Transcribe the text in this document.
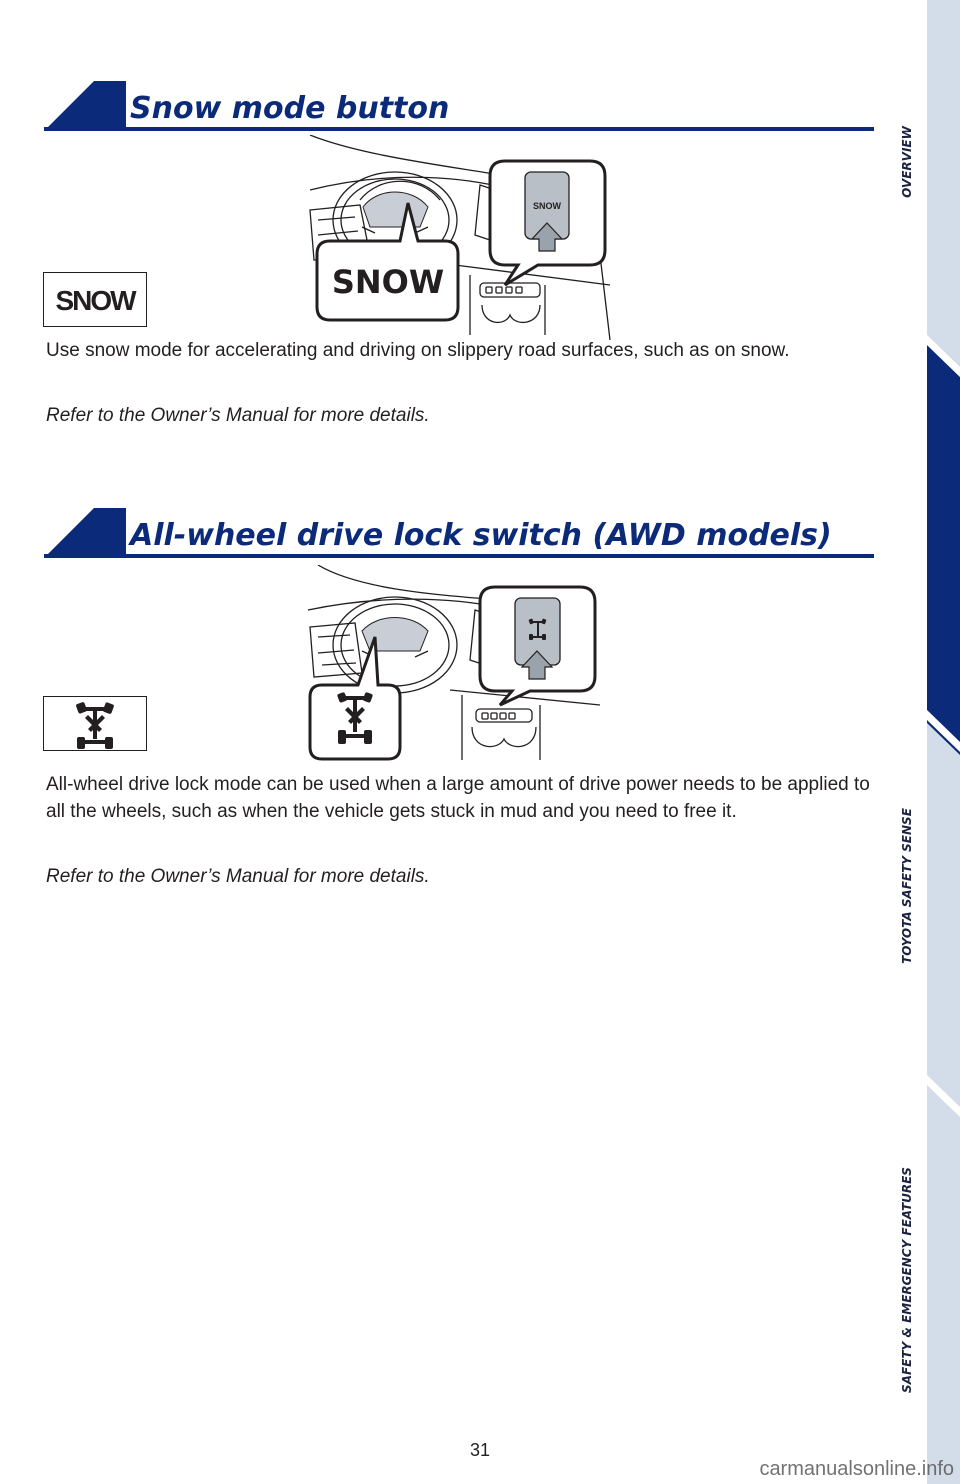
Snow mode button
SNOW	SNOW
SNOW

Use snow mode for accelerating and driving on slippery road surfaces, such as on snow.

Refer to the Owner’s Manual for more details.

All-wheel drive lock switch (AWD models)

All-wheel drive lock mode can be used when a large amount of drive power needs to be applied to all the wheels, such as when the vehicle gets stuck in mud and you need to free it.

Refer to the Owner’s Manual for more details.

OVERVIEW
FEATURES & OPERATIONS
TOYOTA SAFETY SENSE
SAFETY & EMERGENCY FEATURES
31
carmanualsonline.info
